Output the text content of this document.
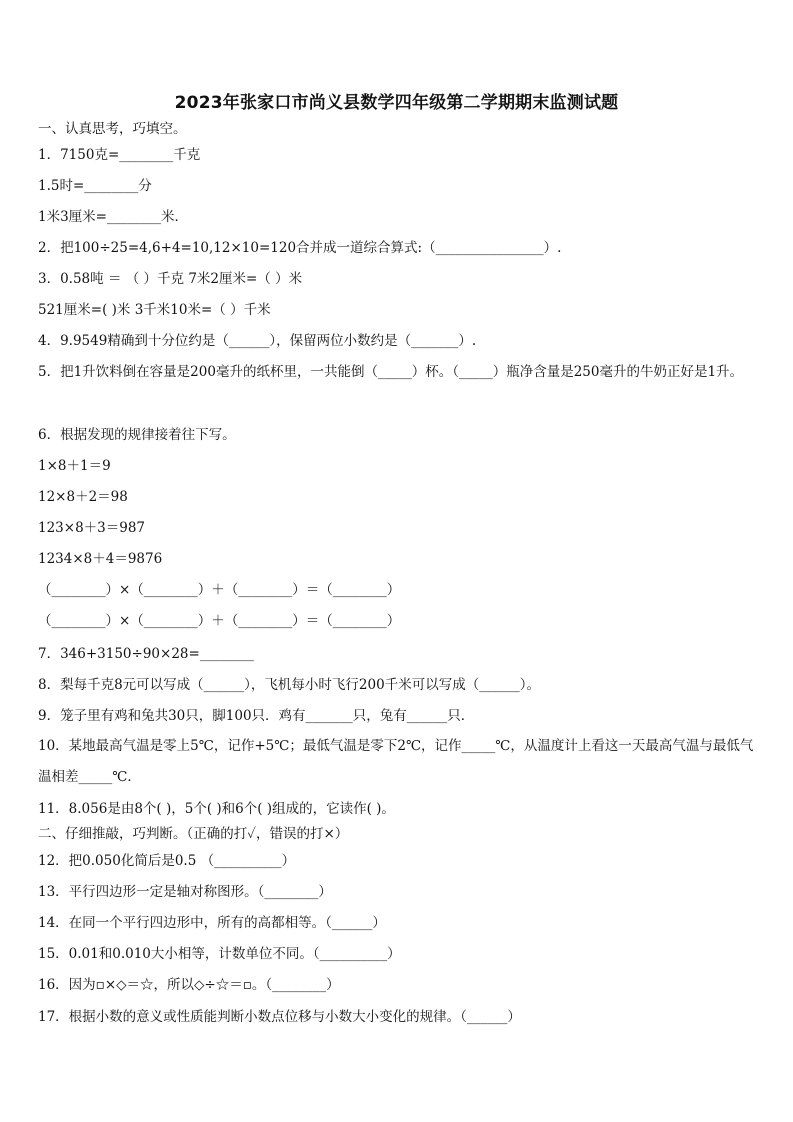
2023年张家口市尚义县数学四年级第二学期期末监测试题
一、认真思考，巧填空。
1．7150克=________千克
1.5时=________分
1米3厘米=________米．
2．把100÷25=4,6+4=10,12×10=120合并成一道综合算式:（________________）.
3．0.58吨 ＝ （ ）千克 7米2厘米=（ ）米
521厘米=( )米 3千米10米=（ ）千米
4．9.9549精确到十分位约是（______），保留两位小数约是（_______）.
5．把1升饮料倒在容量是200毫升的纸杯里，一共能倒（_____）杯。（_____）瓶净含量是250毫升的牛奶正好是1升。
6．根据发现的规律接着往下写。
1×8＋1＝9
12×8＋2＝98
123×8＋3＝987
1234×8＋4＝9876
（________）×（________）＋（________）＝（________）
（________）×（________）＋（________）＝（________）
7．346+3150÷90×28=________
8．梨每千克8元可以写成（______），飞机每小时飞行200千米可以写成（______）。
9．笼子里有鸡和兔共30只，脚100只．鸡有_______只，兔有______只．
10．某地最高气温是零上5℃，记作+5℃；最低气温是零下2℃，记作_____℃，从温度计上看这一天最高气温与最低气温相差_____℃．
11．8.056是由8个( )，5个( )和6个( )组成的，它读作( )。
二、仔细推敲，巧判断。（正确的打✓，错误的打×）
12．把0.050化简后是0.5 （__________）
13．平行四边形一定是轴对称图形。（________）
14．在同一个平行四边形中，所有的高都相等。（______）
15．0.01和0.010大小相等，计数单位不同。（__________）
16．因为▫×◇＝☆，所以◇÷☆＝▫。（________）
17．根据小数的意义或性质能判断小数点位移与小数大小变化的规律。（______）
